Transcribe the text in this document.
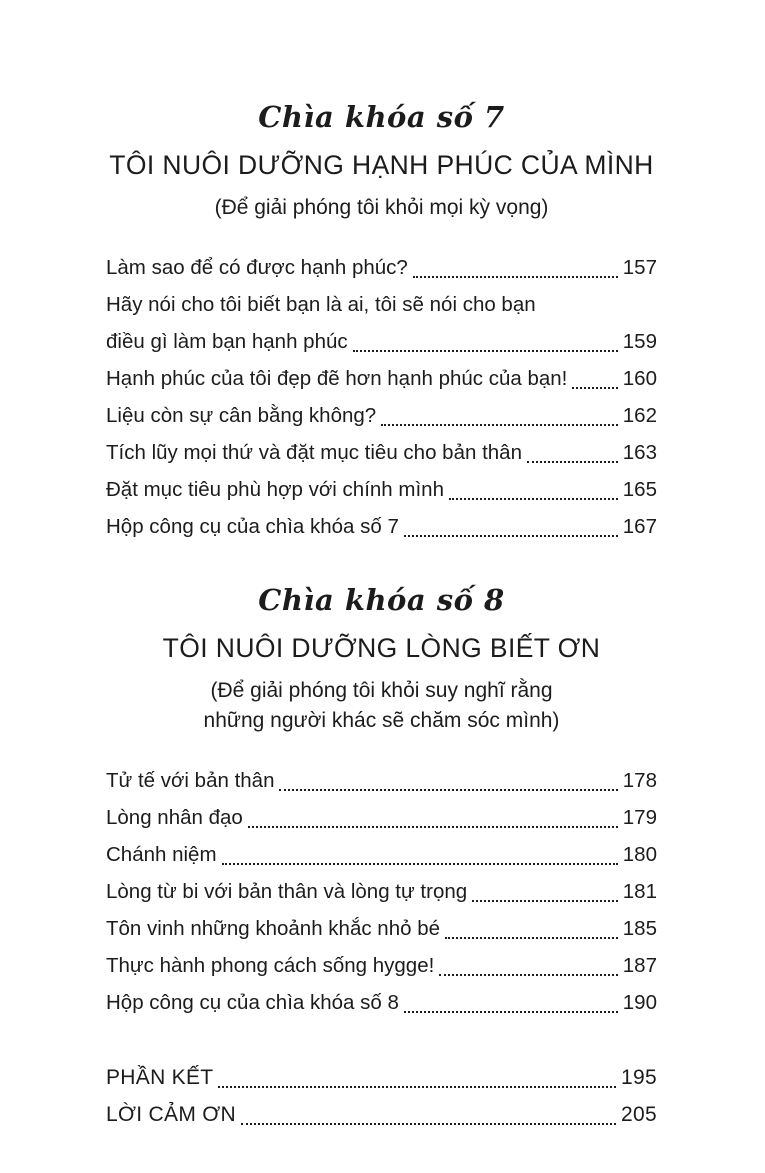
Chìa khóa số 7
TÔI NUÔI DƯỠNG HẠNH PHÚC CỦA MÌNH
(Để giải phóng tôi khỏi mọi kỳ vọng)
Làm sao để có được hạnh phúc?	157
Hãy nói cho tôi biết bạn là ai, tôi sẽ nói cho bạn
điều gì làm bạn hạnh phúc	159
Hạnh phúc của tôi đẹp đẽ hơn hạnh phúc của bạn!	160
Liệu còn sự cân bằng không?	162
Tích lũy mọi thứ và đặt mục tiêu cho bản thân	163
Đặt mục tiêu phù hợp với chính mình	165
Hộp công cụ của chìa khóa số 7	167
Chìa khóa số 8
TÔI NUÔI DƯỠNG LÒNG BIẾT ƠN
(Để giải phóng tôi khỏi suy nghĩ rằng
những người khác sẽ chăm sóc mình)
Tử tế với bản thân	178
Lòng nhân đạo	179
Chánh niệm	180
Lòng từ bi với bản thân và lòng tự trọng	181
Tôn vinh những khoảnh khắc nhỏ bé	185
Thực hành phong cách sống hygge!	187
Hộp công cụ của chìa khóa số 8	190
PHẦN KẾT	195
LỜI CẢM ƠN	205
